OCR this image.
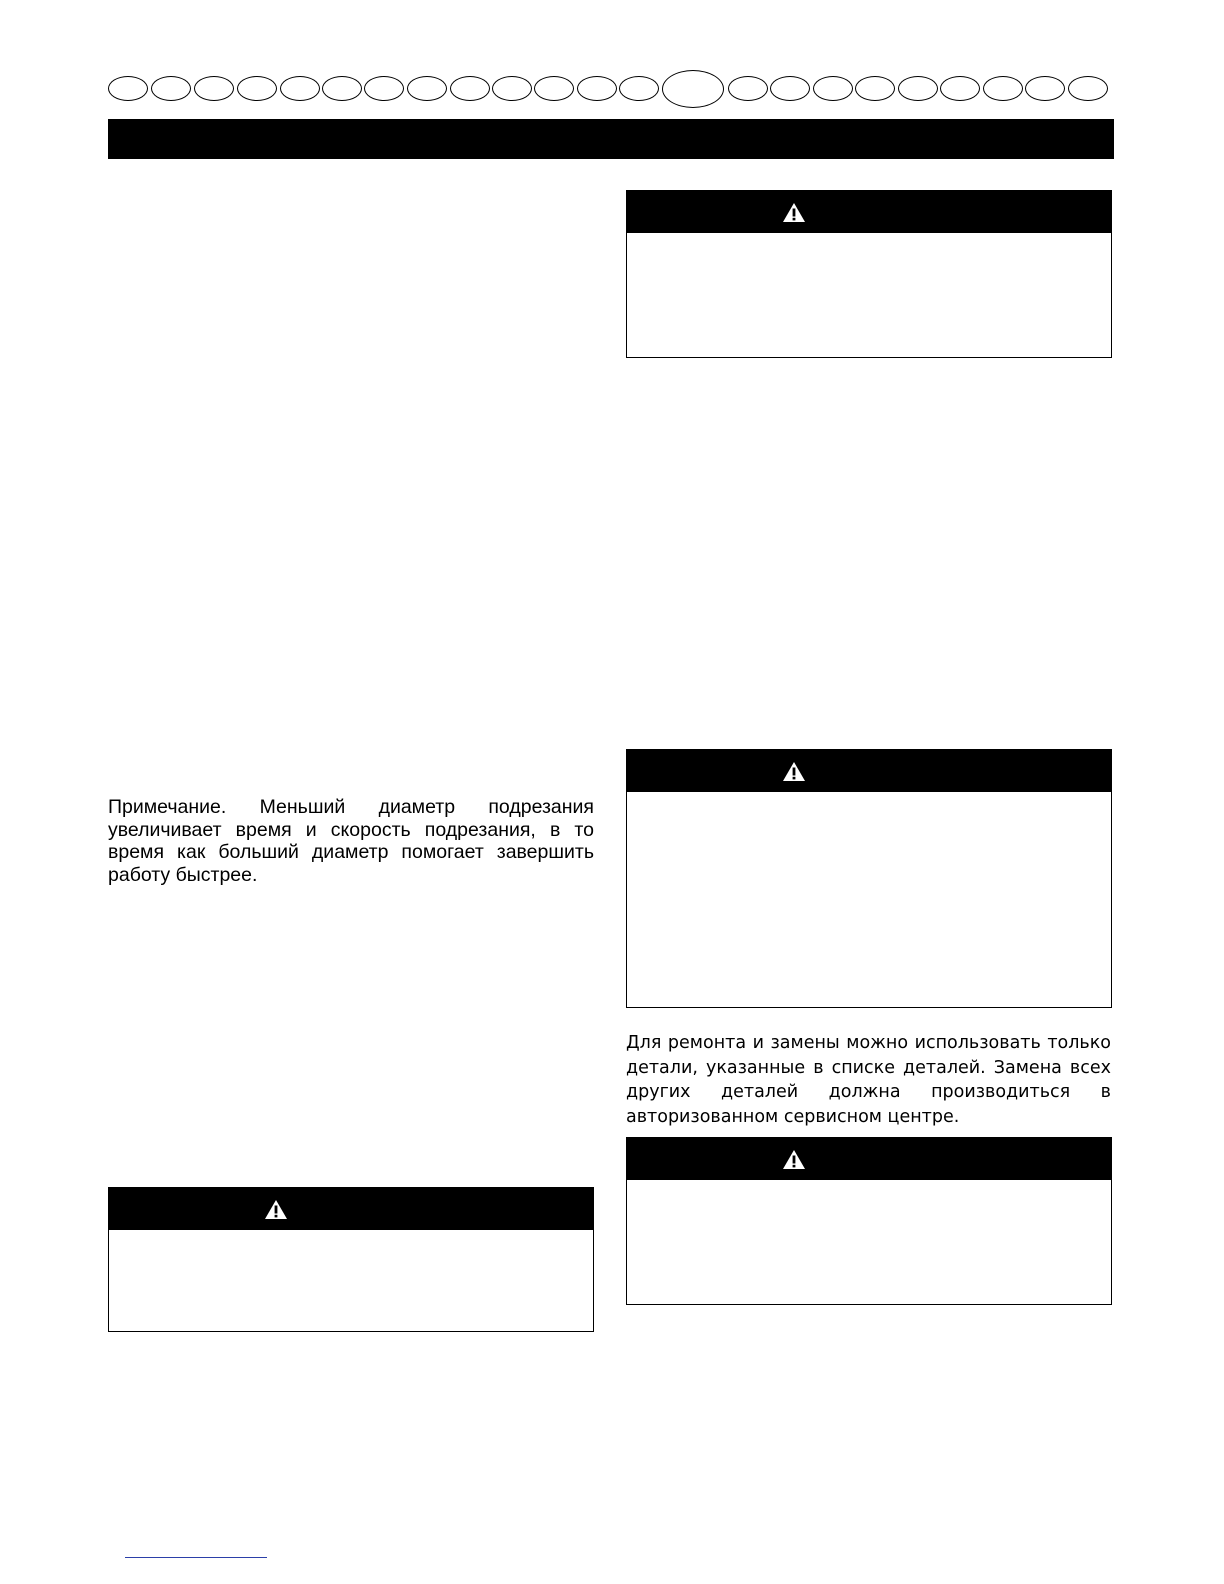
Примечание. Меньший диаметр подрезания увеличивает время и скорость подрезания, в то время как больший диаметр помогает завершить работу быстрее.

Для ремонта и замены можно использовать только детали, указанные в списке деталей. Замена всех других деталей должна производиться в авторизованном сервисном центре.
